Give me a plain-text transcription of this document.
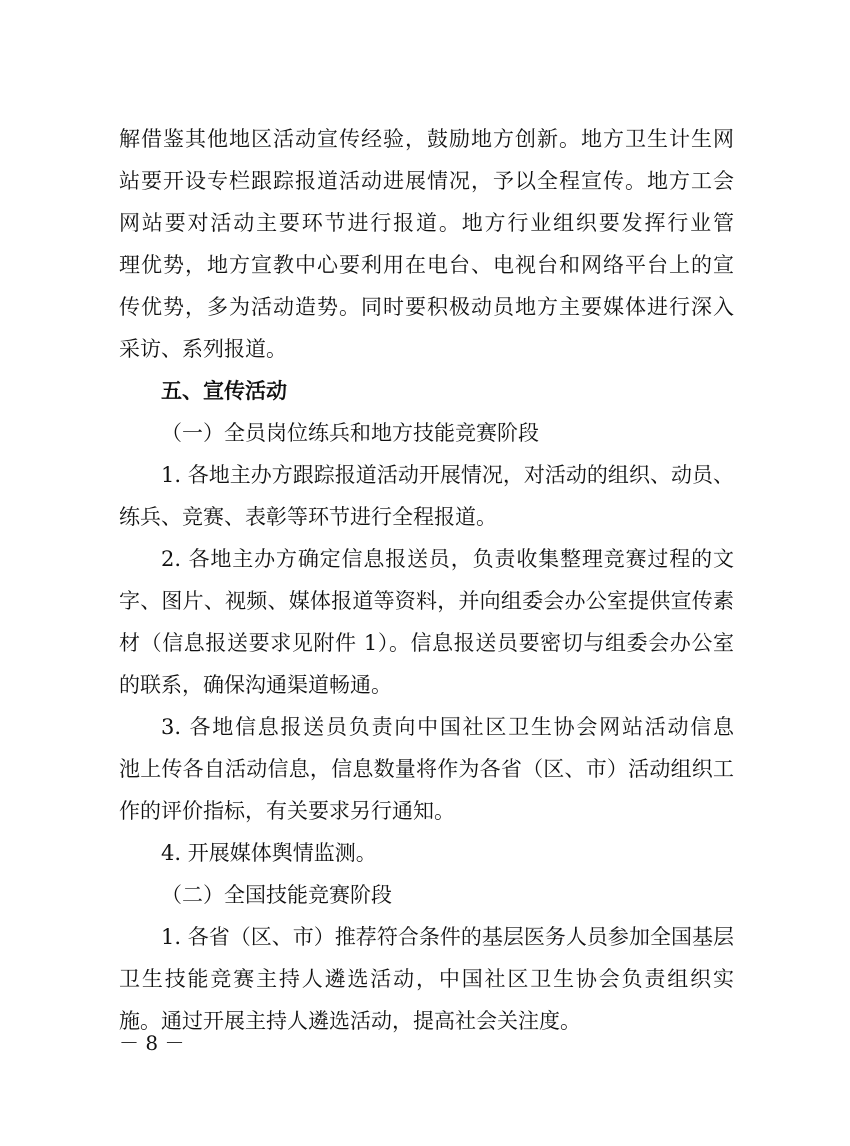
解借鉴其他地区活动宣传经验，鼓励地方创新。地方卫生计生网
站要开设专栏跟踪报道活动进展情况，予以全程宣传。地方工会
网站要对活动主要环节进行报道。地方行业组织要发挥行业管
理优势，地方宣教中心要利用在电台、电视台和网络平台上的宣
传优势，多为活动造势。同时要积极动员地方主要媒体进行深入
采访、系列报道。
五、宣传活动
（一）全员岗位练兵和地方技能竞赛阶段
1. 各地主办方跟踪报道活动开展情况，对活动的组织、动员、
练兵、竞赛、表彰等环节进行全程报道。
2. 各地主办方确定信息报送员，负责收集整理竞赛过程的文
字、图片、视频、媒体报道等资料，并向组委会办公室提供宣传素
材（信息报送要求见附件 1）。信息报送员要密切与组委会办公室
的联系，确保沟通渠道畅通。
3. 各地信息报送员负责向中国社区卫生协会网站活动信息
池上传各自活动信息，信息数量将作为各省（区、市）活动组织工
作的评价指标，有关要求另行通知。
4. 开展媒体舆情监测。
（二）全国技能竞赛阶段
1. 各省（区、市）推荐符合条件的基层医务人员参加全国基层
卫生技能竞赛主持人遴选活动，中国社区卫生协会负责组织实
施。通过开展主持人遴选活动，提高社会关注度。
－ 8 －
